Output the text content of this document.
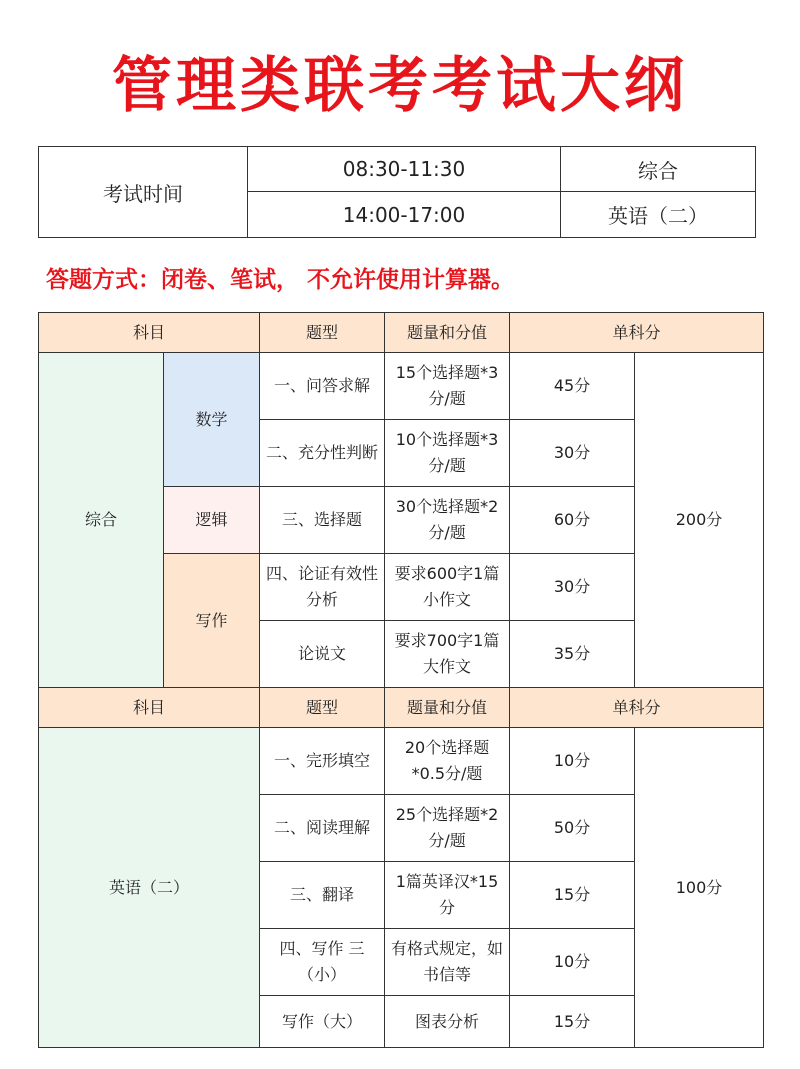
管理类联考考试大纲
考试时间	08:30-11:30	综合
	14:00-17:00	英语（二）
答题方式：闭卷、笔试， 不允许使用计算器。
科目		题型	题量和分值	单科分	
综合	数学	一、问答求解	15个选择题*3分/题	45分	200分
		二、充分性判断	10个选择题*3分/题	30分	
	逻辑	三、选择题	30个选择题*2分/题	60分	
	写作	四、论证有效性分析	要求600字1篇小作文	30分	
		论说文	要求700字1篇大作文	35分	
科目		题型	题量和分值	单科分	
英语（二）		一、完形填空	20个选择题*0.5分/题	10分	100分
		二、阅读理解	25个选择题*2分/题	50分	
		三、翻译	1篇英译汉*15分	15分	
		四、写作 三（小）	有格式规定，如书信等	10分	
		写作（大）	图表分析	15分	
